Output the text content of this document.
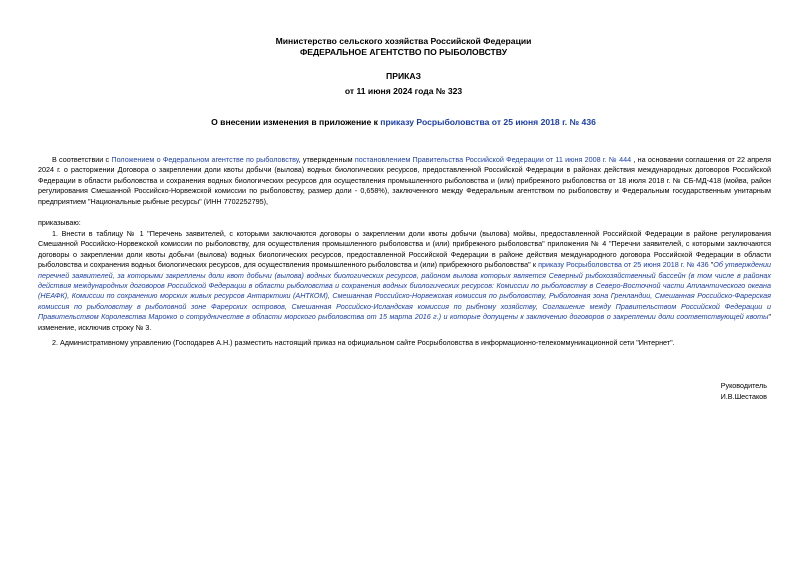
Министерство сельского хозяйства Российской Федерации
ФЕДЕРАЛЬНОЕ АГЕНТСТВО ПО РЫБОЛОВСТВУ
ПРИКАЗ
от 11 июня 2024 года № 323
О внесении изменения в приложение к приказу Росрыболовства от 25 июня 2018 г. № 436
В соответствии с Положением о Федеральном агентстве по рыболовству, утвержденным постановлением Правительства Российской Федерации от 11 июня 2008 г. № 444 , на основании соглашения от 22 апреля 2024 г. о расторжении Договора о закреплении доли квоты добычи (вылова) водных биологических ресурсов, предоставленной Российской Федерации в районах действия международных договоров Российской Федерации в области рыболовства и сохранения водных биологических ресурсов для осуществления промышленного рыболовства и (или) прибрежного рыболовства от 18 июля 2018 г. № СБ-МД-418 (мойва, район регулирования Смешанной Российско-Норвежской комиссии по рыболовству, размер доли - 0,658%), заключенного между Федеральным агентством по рыболовству и Федеральным государственным унитарным предприятием "Национальные рыбные ресурсы" (ИНН 7702252795),
приказываю:
1. Внести в таблицу № 1 "Перечень заявителей, с которыми заключаются договоры о закреплении доли квоты добычи (вылова) мойвы, предоставленной Российской Федерации в районе регулирования Смешанной Российско-Норвежской комиссии по рыболовству, для осуществления промышленного рыболовства и (или) прибрежного рыболовства" приложения № 4 "Перечни заявителей, с которыми заключаются договоры о закреплении доли квоты добычи (вылова) водных биологических ресурсов, предоставленной Российской Федерации в районе действия международного договора Российской Федерации в области рыболовства и сохранения водных биологических ресурсов, для осуществления промышленного рыболовства и (или) прибрежного рыболовства" к приказу Росрыболовства от 25 июня 2018 г. № 436 "Об утверждении перечней заявителей, за которыми закреплены доли квот добычи (вылова) водных биологических ресурсов, районом вылова которых является Северный рыбохозяйственный бассейн (в том числе в районах действия международных договоров Российской Федерации в области рыболовства и сохранения водных биологических ресурсов: Комиссии по рыболовству в Северо-Восточной части Атлантического океана (НЕАФК), Комиссии по сохранению морских живых ресурсов Антарктики (АНТКОМ), Смешанная Российско-Норвежская комиссия по рыболовству, Рыболовная зона Гренландии, Смешанная Российско-Фарерская комиссия по рыболовству в рыболовной зоне Фарерских островов, Смешанная Российско-Исландская комиссия по рыбному хозяйству, Соглашение между Правительством Российской Федерации и Правительством Королевства Марокко о сотрудничестве в области морского рыболовства от 15 марта 2016 г.) и которые допущены к заключению договоров о закреплении доли соответствующей квоты" изменение, исключив строку № 3.
2. Административному управлению (Господарев А.Н.) разместить настоящий приказ на официальном сайте Росрыболовства в информационно-телекоммуникационной сети "Интернет".
Руководитель
И.В.Шестаков
